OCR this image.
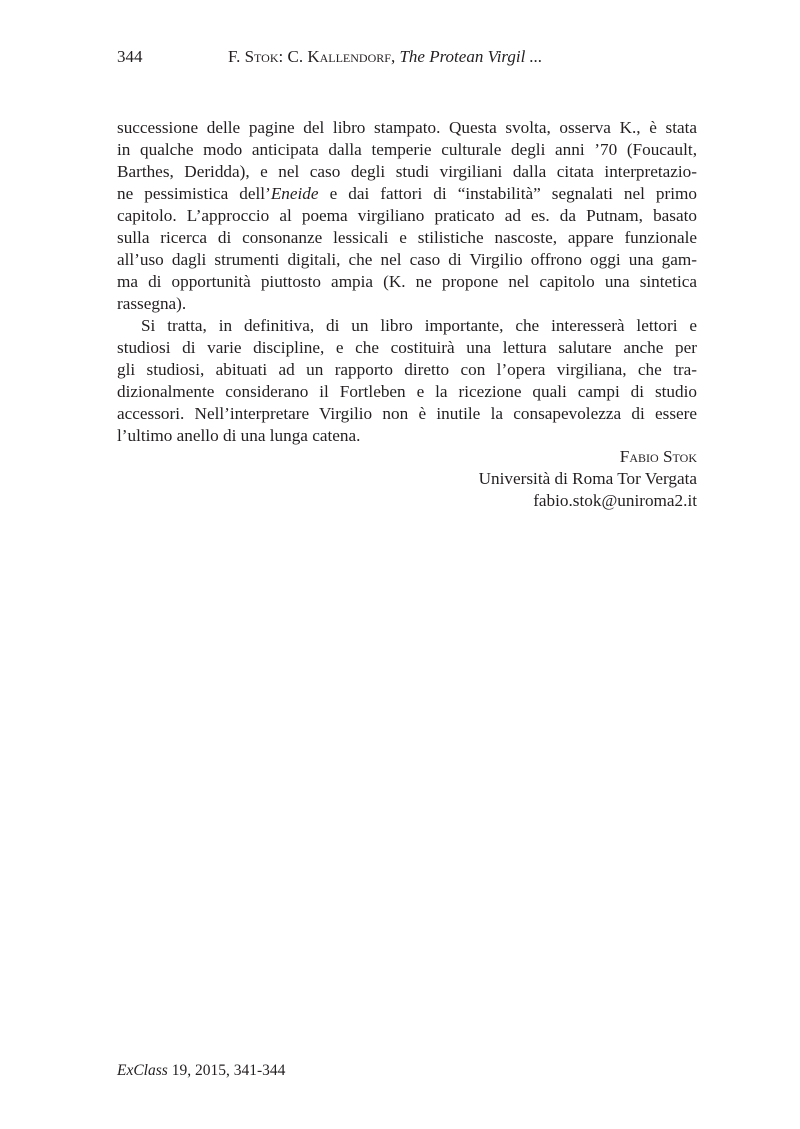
344	F. Stok: C. Kallendorf, The Protean Virgil ...
successione delle pagine del libro stampato. Questa svolta, osserva K., è stata
in qualche modo anticipata dalla temperie culturale degli anni ’70 (Foucault,
Barthes, Deridda), e nel caso degli studi virgiliani dalla citata interpretazio-
ne pessimistica dell’Eneide e dai fattori di “instabilità” segnalati nel primo
capitolo. L’approccio al poema virgiliano praticato ad es. da Putnam, basato
sulla ricerca di consonanze lessicali e stilistiche nascoste, appare funzionale
all’uso dagli strumenti digitali, che nel caso di Virgilio offrono oggi una gam-
ma di opportunità piuttosto ampia (K. ne propone nel capitolo una sintetica
rassegna).
Si tratta, in definitiva, di un libro importante, che interesserà lettori e
studiosi di varie discipline, e che costituirà una lettura salutare anche per
gli studiosi, abituati ad un rapporto diretto con l’opera virgiliana, che tra-
dizionalmente considerano il Fortleben e la ricezione quali campi di studio
accessori. Nell’interpretare Virgilio non è inutile la consapevolezza di essere
l’ultimo anello di una lunga catena.
Fabio Stok
Università di Roma Tor Vergata
fabio.stok@uniroma2.it
ExClass 19, 2015, 341-344
